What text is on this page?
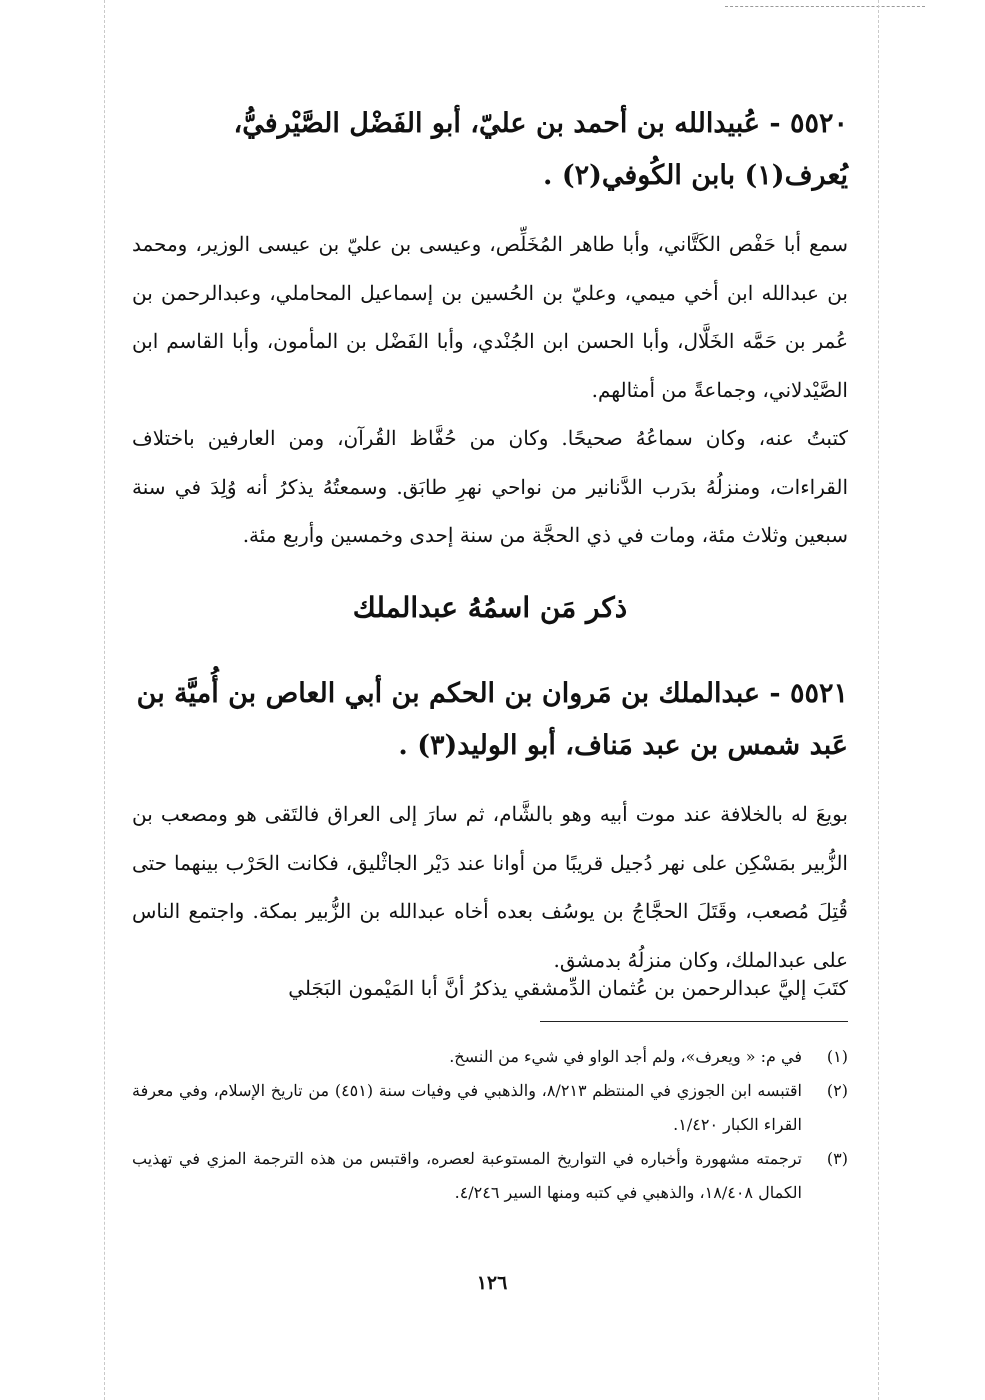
٥٥٢٠ - عُبيدالله بن أحمد بن عليّ، أبو الفَضْل الصَّيْرفيُّ،
يُعرف(١) بابن الكُوفي(٢) .
سمع أبا حَفْص الكَتَّاني، وأبا طاهر المُخَلِّص، وعيسى بن عليّ بن عيسى الوزير، ومحمد بن عبدالله ابن أخي ميمي، وعليّ بن الحُسين بن إسماعيل المحاملي، وعبدالرحمن بن عُمر بن حَمَّه الخَلَّال، وأبا الحسن ابن الجُنْدي، وأبا الفَضْل بن المأمون، وأبا القاسم ابن الصَّيْدلاني، وجماعةً من أمثالهم.
كتبتُ عنه، وكان سماعُهُ صحيحًا. وكان من حُفَّاظ القُرآن، ومن العارفين باختلاف القراءات، ومنزلُهُ بدَرب الدَّنانير من نواحي نهرِ طابَق. وسمعتُهُ يذكرُ أنه وُلِدَ في سنة سبعين وثلاث مئة، ومات في ذي الحجَّة من سنة إحدى وخمسين وأربع مئة.
ذكر مَن اسمُهُ عبدالملك
٥٥٢١ - عبدالملك بن مَروان بن الحكم بن أبي العاص بن أُميَّة بن
عَبد شمس بن عبد مَناف، أبو الوليد(٣) .
بويعَ له بالخلافة عند موت أبيه وهو بالشَّام، ثم سارَ إلى العراق فالتَقى هو ومصعب بن الزُّبير بمَسْكِن على نهر دُجيل قريبًا من أوانا عند دَيْر الجاثْليق، فكانت الحَرْب بينهما حتى قُتِلَ مُصعب، وقَتَلَ الحجَّاجُ بن يوسُف بعده أخاه عبدالله بن الزُّبير بمكة. واجتمع الناس على عبدالملك، وكان منزلُهُ بدمشق.
كتَبَ إليَّ عبدالرحمن بن عُثمان الدِّمشقي يذكرُ أنَّ أبا المَيْمون البَجَلي
(١)
في م: « ويعرف»، ولم أجد الواو في شيء من النسخ.
(٢)
اقتبسه ابن الجوزي في المنتظم ٨/٢١٣، والذهبي في وفيات سنة (٤٥١) من تاريخ الإسلام، وفي معرفة القراء الكبار ١/٤٢٠.
(٣)
ترجمته مشهورة وأخباره في التواريخ المستوعبة لعصره، واقتبس من هذه الترجمة المزي في تهذيب الكمال ١٨/٤٠٨، والذهبي في كتبه ومنها السير ٤/٢٤٦.
١٢٦
